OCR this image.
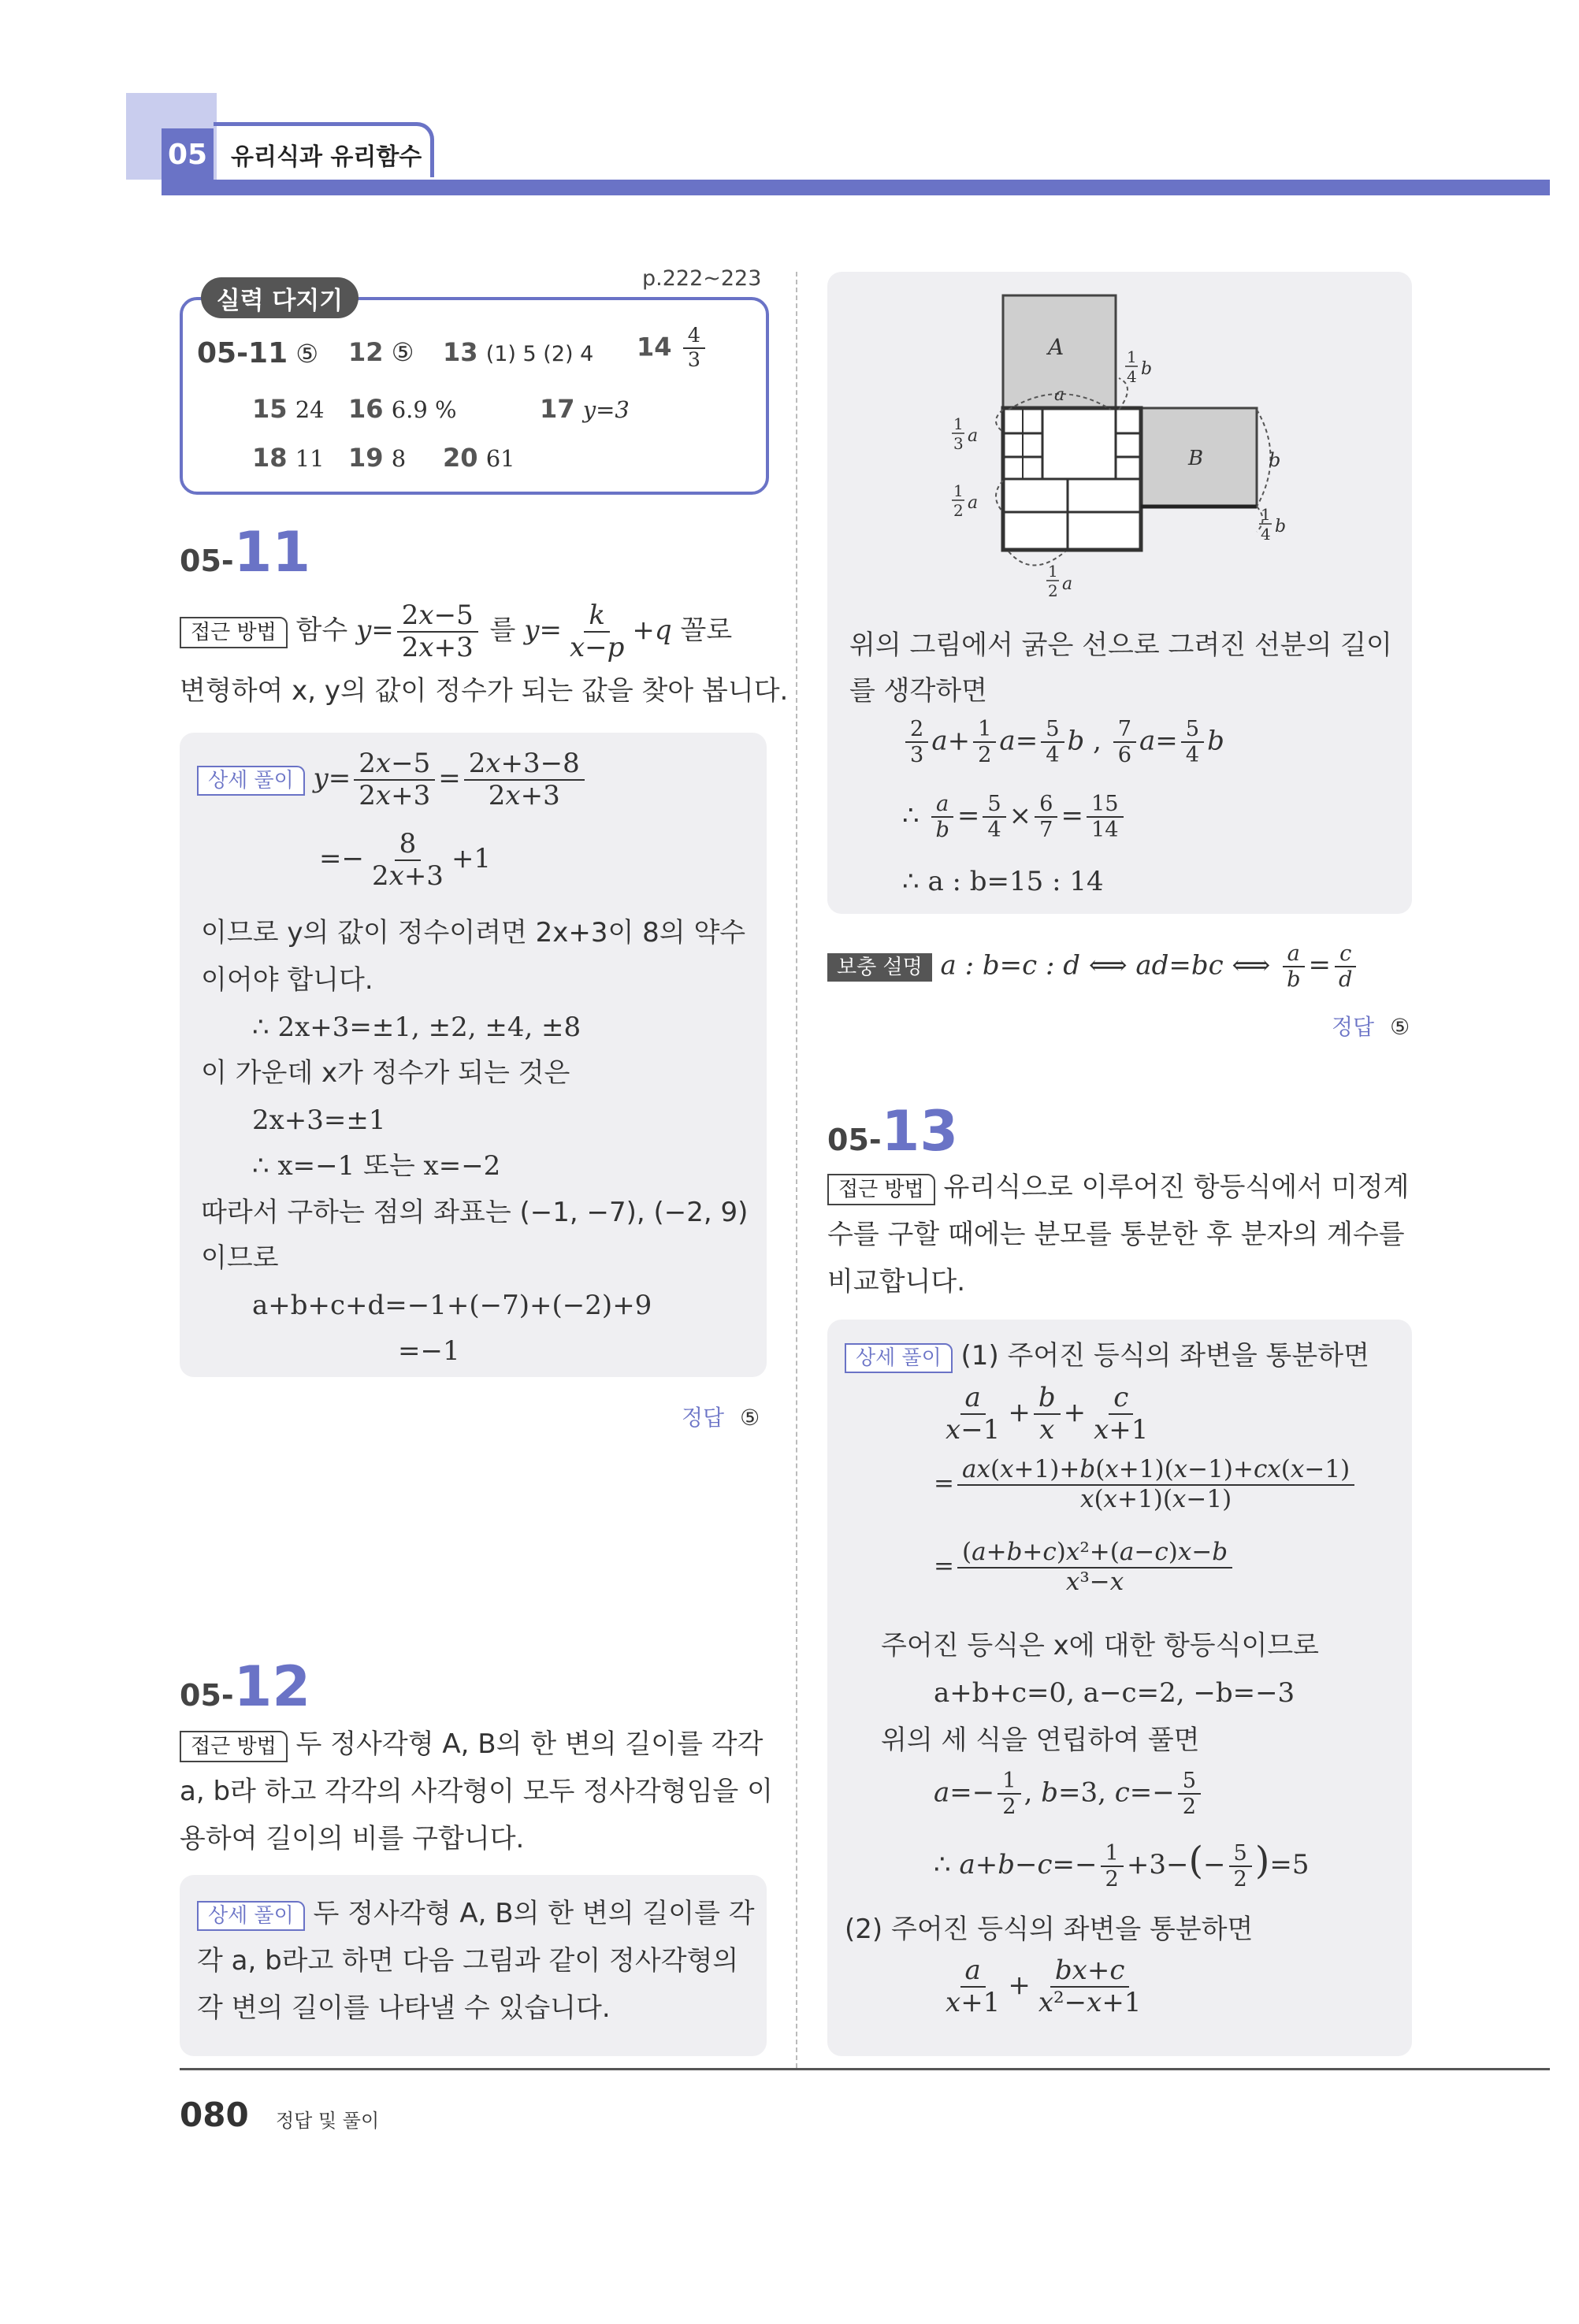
05 유리식과 유리함수
실력 다지기
p.222~223
05-11 ⑤ 12 ⑤ 13 (1) 5 (2) 4 $14 \frac{4}{3}$
15 24 16 6.9 %	17 y=3
18 11 19 8 20 61
05-11
접근 방법 함수 $y= \frac{2x-5}{2x+3}$ 를 $y= \frac{k}{x-p} +q$ 꼴로
변형하여 x, y의 값이 정수가 되는 값을 찾아 봅니다.
상세 풀이 $y= \frac{2x-5}{2x+3} = \frac{2x+3-8}{2x+3}$
=− $\frac{8}{2x+3} +1$
이므로 y의 값이 정수이려면 2x+3이 8의 약수
이어야 합니다.
∴ 2x+3=±1, ±2, ±4, ±8
이 가운데 x가 정수가 되는 것은
2x+3=±1
∴ x=−1 또는 x=−2
따라서 구하는 점의 좌표는 (−1, −7), (−2, 9)
이므로
a+b+c+d=−1+(−7)+(−2)+9
=−1
정답 ⑤
05-12
접근 방법 두 정사각형 A, B의 한 변의 길이를 각각
a, b라 하고 각각의 사각형이 모두 정사각형임을 이
용하여 길이의 비를 구합니다.
상세 풀이 두 정사각형 A, B의 한 변의 길이를 각
각 a, b라고 하면 다음 그림과 같이 정사각형의
각 변의 길이를 나타낼 수 있습니다.
A
B
a
b
1
3 a
1
2 a
1
2 a
1
4 b
1
4 b
위의 그림에서 굵은 선으로 그려진 선분의 길이
를 생각하면
$\frac{2}{3} a+ \frac{1}{2} a= \frac{5}{4}$ b , $\frac{7}{6} a= \frac{5}{4}$ b
∴ $\frac{a}{b} = \frac{5}{4} \times \frac{6}{7} = \frac{15}{14}$
∴ a : b=15 : 14
보충 설명 a : b=c : d ⟺ ad=bc ⟺ $\frac{a}{b} = \frac{c}{d}$
정답 ⑤
05-13
접근 방법 유리식으로 이루어진 항등식에서 미정계
수를 구할 때에는 분모를 통분한 후 분자의 계수를
비교합니다.
상세 풀이 (1) 주어진 등식의 좌변을 통분하면
$\frac{a}{x-1} + \frac{b}{x} + \frac{c}{x+1}$
= $\frac{ax(x+1)+b(x+1)(x-1)+cx(x-1)}{x(x+1)(x-1)}$
= $\frac{\text{(a+b+c)x²+(a−c)x−b}}{\text{x³−x}}$
주어진 등식은 x에 대한 항등식이므로
a+b+c=0, a−c=2, −b=−3
위의 세 식을 연립하여 풀면
$a=- \frac{1}{2}$ , b=3, $c=- \frac{5}{2}$
∴ $a+b-c=- \frac{1}{2} +3-(- \frac{5}{2} )=5$
(2) 주어진 등식의 좌변을 통분하면
$\frac{a}{x+1} + \frac{bx+c}{\text{x²−x+1}}$
080 정답 및 풀이
